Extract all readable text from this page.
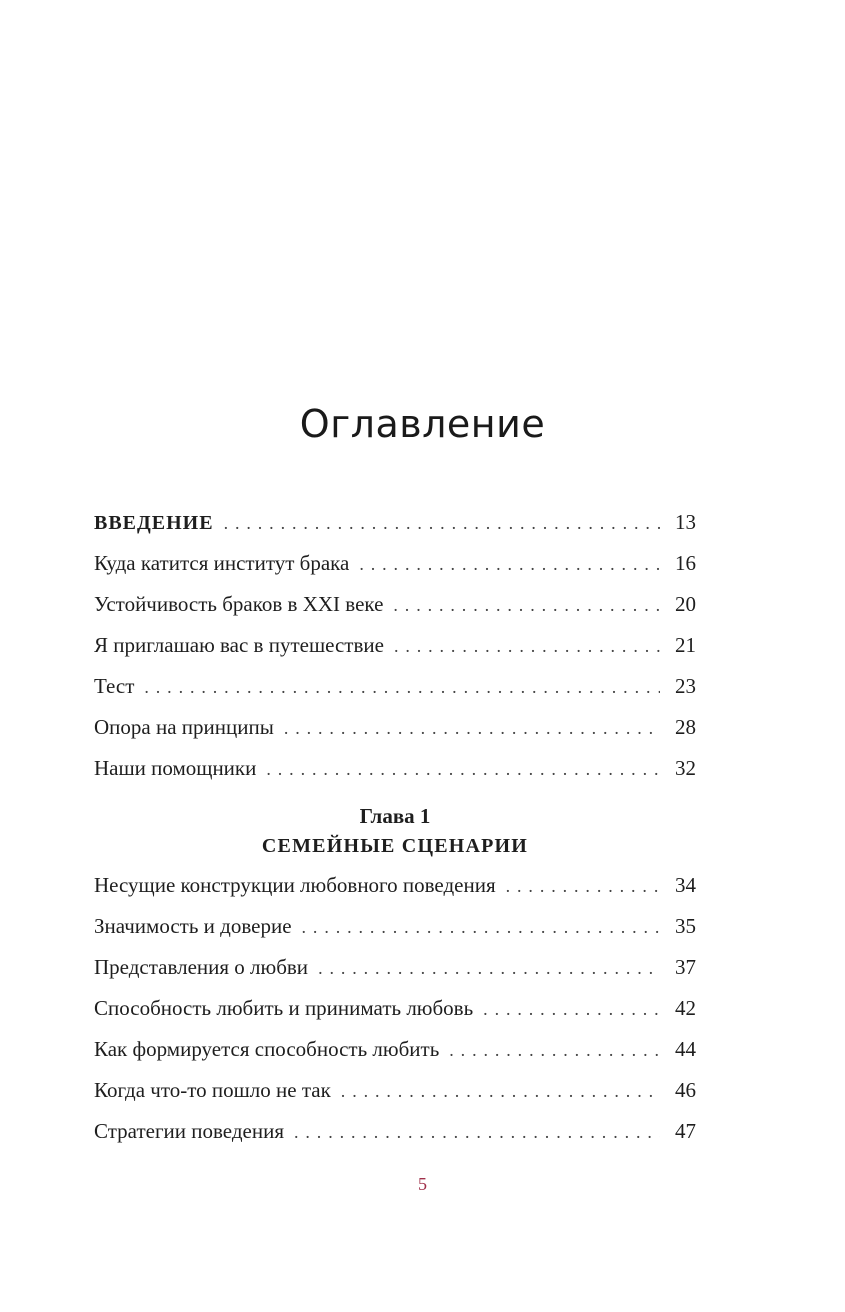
Оглавление
ВВЕДЕНИЕ . . .	13
Куда катится институт брака . . .	16
Устойчивость браков в XXI веке . . .	20
Я приглашаю вас в путешествие . . .	21
Тест . . .	23
Опора на принципы . . .	28
Наши помощники . . .	32
Глава 1
СЕМЕЙНЫЕ СЦЕНАРИИ
Несущие конструкции любовного поведения . . .	34
Значимость и доверие . . .	35
Представления о любви . . .	37
Способность любить и принимать любовь . . .	42
Как формируется способность любить . . .	44
Когда что-то пошло не так . . .	46
Стратегии поведения . . .	47
5
